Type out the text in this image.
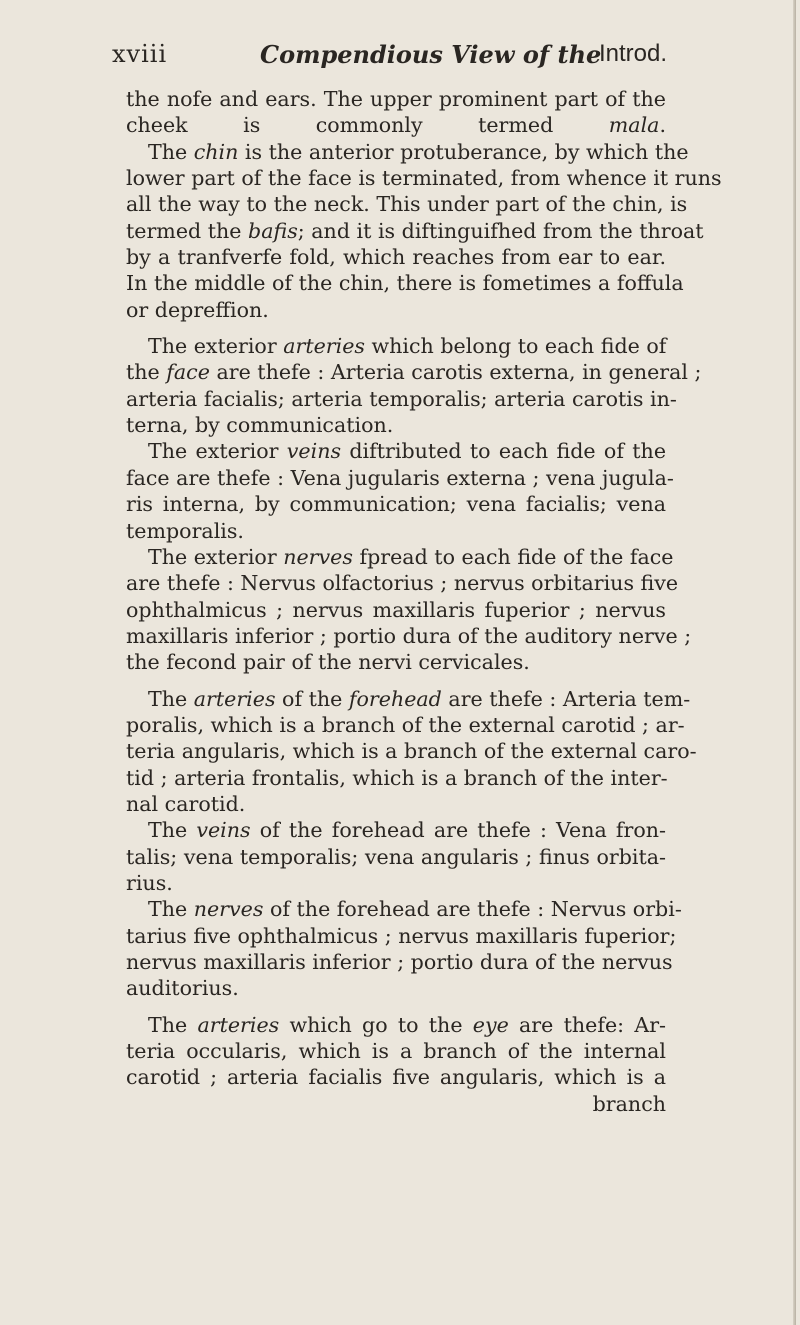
xviii	Compendious View of the
Introd.
the nofe and ears. The upper prominent part of the
cheek is commonly termed mala.
The chin is the anterior protuberance, by which the
lower part of the face is terminated, from whence it runs
all the way to the neck. This under part of the chin, is
termed the bafis; and it is diftinguifhed from the throat
by a tranfverfe fold, which reaches from ear to ear.
In the middle of the chin, there is fometimes a foffula
or depreffion.
The exterior arteries which belong to each fide of
the face are thefe : Arteria carotis externa, in general ;
arteria facialis; arteria temporalis; arteria carotis in-
terna, by communication.
The exterior veins diftributed to each fide of the
face are thefe : Vena jugularis externa ; vena jugula-
ris interna, by communication; vena facialis; vena
temporalis.
The exterior nerves fpread to each fide of the face
are thefe : Nervus olfactorius ; nervus orbitarius five
ophthalmicus ; nervus maxillaris fuperior ; nervus
maxillaris inferior ; portio dura of the auditory nerve ;
the fecond pair of the nervi cervicales.
The arteries of the forehead are thefe : Arteria tem-
poralis, which is a branch of the external carotid ; ar-
teria angularis, which is a branch of the external caro-
tid ; arteria frontalis, which is a branch of the inter-
nal carotid.
The veins of the forehead are thefe : Vena fron-
talis; vena temporalis; vena angularis ; finus orbita-
rius.
The nerves of the forehead are thefe : Nervus orbi-
tarius five ophthalmicus ; nervus maxillaris fuperior;
nervus maxillaris inferior ; portio dura of the nervus
auditorius.
The arteries which go to the eye are thefe: Ar-
teria occularis, which is a branch of the internal
carotid ; arteria facialis five angularis, which is a
branch
